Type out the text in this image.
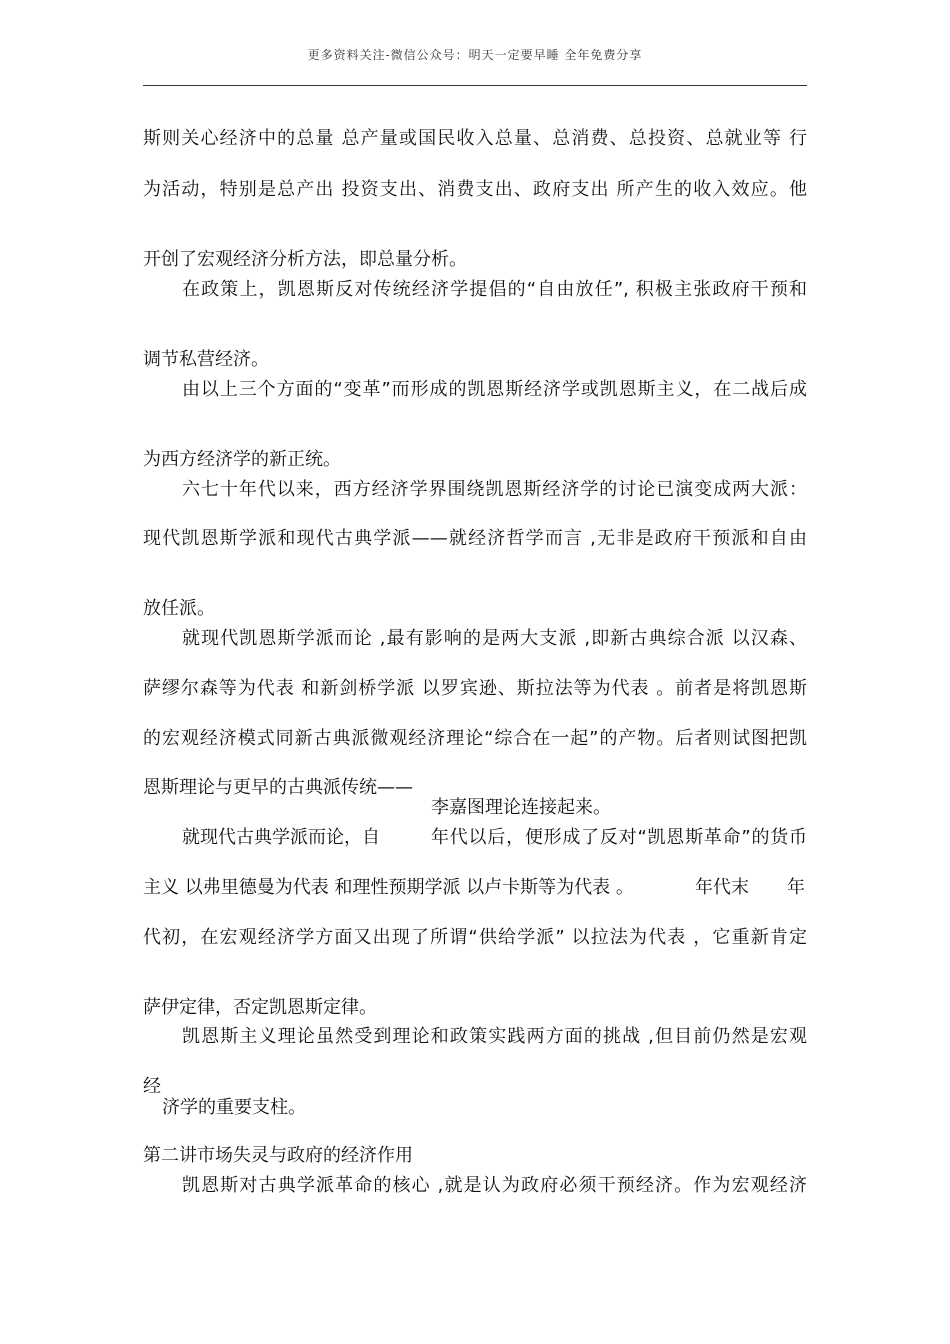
更多资料关注-微信公众号：明天一定要早睡 全年免费分享
斯则关心经济中的总量 总产量或国民收入总量、总消费、总投资、总就业等 行
为活动，特别是总产出 投资支出、消费支出、政府支出 所产生的收入效应。他
开创了宏观经济分析方法，即总量分析。
在政策上，凯恩斯反对传统经济学提倡的“自由放任”, 积极主张政府干预和
调节私营经济。
由以上三个方面的“变革”而形成的凯恩斯经济学或凯恩斯主义，在二战后成
为西方经济学的新正统。
六七十年代以来，西方经济学界围绕凯恩斯经济学的讨论已演变成两大派：
现代凯恩斯学派和现代古典学派——就经济哲学而言 ,无非是政府干预派和自由
放任派。
就现代凯恩斯学派而论 ,最有影响的是两大支派 ,即新古典综合派 以汉森、
萨缪尔森等为代表 和新剑桥学派 以罗宾逊、斯拉法等为代表 。前者是将凯恩斯
的宏观经济模式同新古典派微观经济理论“综合在一起”的产物。后者则试图把凯
恩斯理论与更早的古典派传统——
李嘉图理论连接起来。
就现代古典学派而论，自	年代以后，便形成了反对“凯恩斯革命”的货币
主义 以弗里德曼为代表 和理性预期学派 以卢卡斯等为代表 。	年代末	年
代初，在宏观经济学方面又出现了所谓“供给学派” 以拉法为代表 ，它重新肯定
萨伊定律，否定凯恩斯定律。
凯恩斯主义理论虽然受到理论和政策实践两方面的挑战 ,但目前仍然是宏观
经
济学的重要支柱。
第二讲市场失灵与政府的经济作用
凯恩斯对古典学派革命的核心 ,就是认为政府必须干预经济。作为宏观经济
